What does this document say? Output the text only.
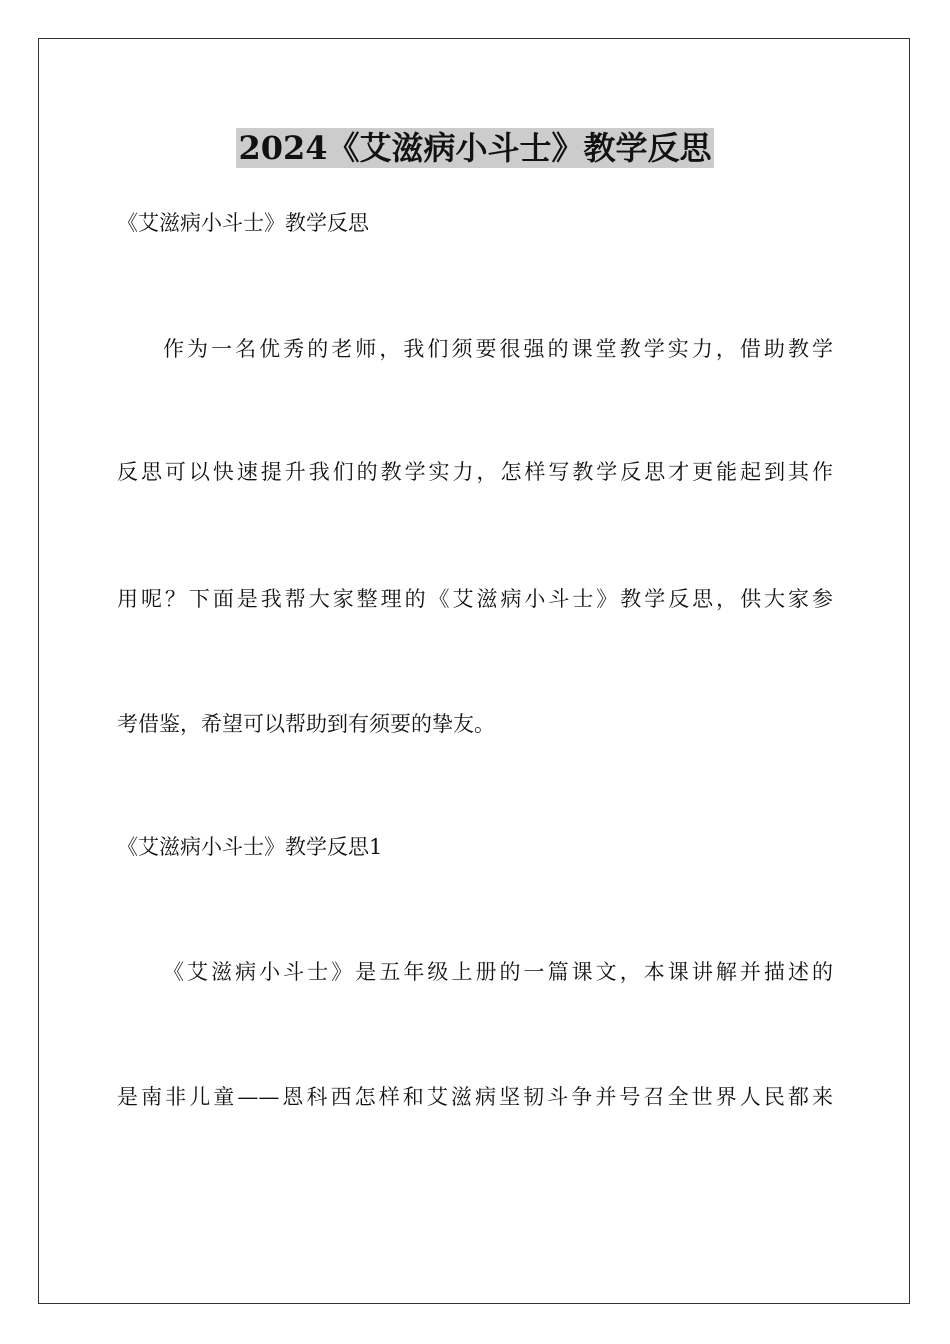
2024《艾滋病小斗士》教学反思
《艾滋病小斗士》教学反思
作为一名优秀的老师，我们须要很强的课堂教学实力，借助教学
反思可以快速提升我们的教学实力，怎样写教学反思才更能起到其作
用呢？下面是我帮大家整理的《艾滋病小斗士》教学反思，供大家参
考借鉴，希望可以帮助到有须要的挚友。
《艾滋病小斗士》教学反思1
《艾滋病小斗士》是五年级上册的一篇课文，本课讲解并描述的
是南非儿童——恩科西怎样和艾滋病坚韧斗争并号召全世界人民都来
